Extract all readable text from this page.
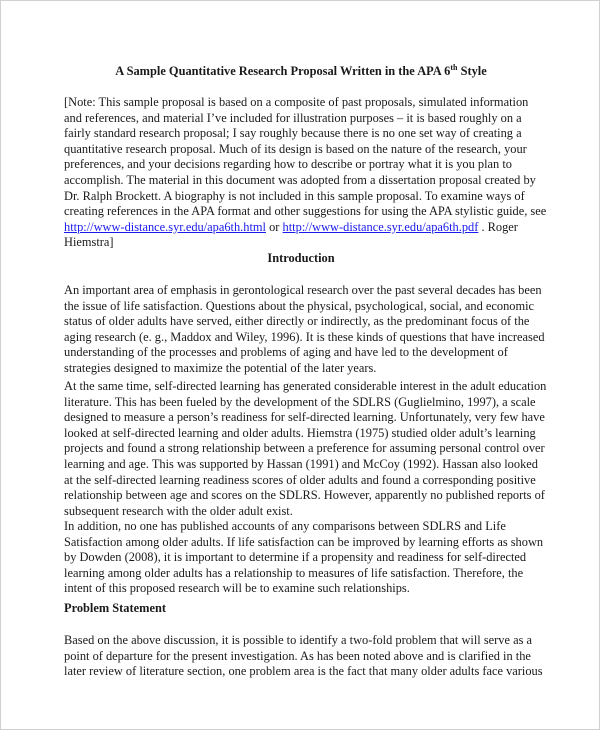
A Sample Quantitative Research Proposal Written in the APA 6th Style

[Note: This sample proposal is based on a composite of past proposals, simulated information and references, and material I’ve included for illustration purposes – it is based roughly on a fairly standard research proposal; I say roughly because there is no one set way of creating a quantitative research proposal. Much of its design is based on the nature of the research, your preferences, and your decisions regarding how to describe or portray what it is you plan to accomplish. The material in this document was adopted from a dissertation proposal created by Dr. Ralph Brockett. A biography is not included in this sample proposal. To examine ways of creating references in the APA format and other suggestions for using the APA stylistic guide, see http://www-distance.syr.edu/apa6th.html or http://www-distance.syr.edu/apa6th.pdf . Roger Hiemstra]

Introduction

An important area of emphasis in gerontological research over the past several decades has been the issue of life satisfaction. Questions about the physical, psychological, social, and economic status of older adults have served, either directly or indirectly, as the predominant focus of the aging research (e. g., Maddox and Wiley, 1996). It is these kinds of questions that have increased understanding of the processes and problems of aging and have led to the development of strategies designed to maximize the potential of the later years.

At the same time, self-directed learning has generated considerable interest in the adult education literature. This has been fueled by the development of the SDLRS (Guglielmino, 1997), a scale designed to measure a person’s readiness for self-directed learning. Unfortunately, very few have looked at self-directed learning and older adults. Hiemstra (1975) studied older adult’s learning projects and found a strong relationship between a preference for assuming personal control over learning and age. This was supported by Hassan (1991) and McCoy (1992). Hassan also looked at the self-directed learning readiness scores of older adults and found a corresponding positive relationship between age and scores on the SDLRS. However, apparently no published reports of subsequent research with the older adult exist.

In addition, no one has published accounts of any comparisons between SDLRS and Life Satisfaction among older adults. If life satisfaction can be improved by learning efforts as shown by Dowden (2008), it is important to determine if a propensity and readiness for self-directed learning among older adults has a relationship to measures of life satisfaction. Therefore, the intent of this proposed research will be to examine such relationships.

Problem Statement

Based on the above discussion, it is possible to identify a two-fold problem that will serve as a point of departure for the present investigation. As has been noted above and is clarified in the later review of literature section, one problem area is the fact that many older adults face various
